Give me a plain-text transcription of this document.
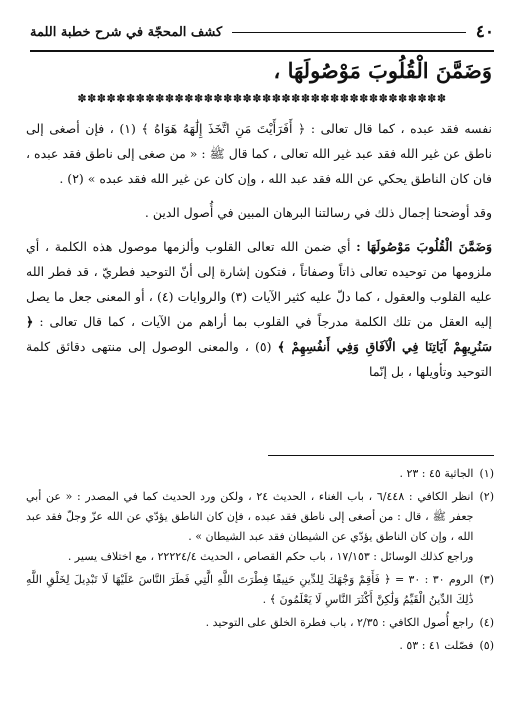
٤٠
كشف المحجّة في شرح خطبة اللمة
وَضَمَّنَ الْقُلُوبَ مَوْصُولَهَا ،
✽✽✽✽✽✽✽✽✽✽✽✽✽✽✽✽✽✽✽✽✽✽✽✽✽✽✽✽✽✽✽✽✽✽✽✽✽✽

نفسه فقد عبده ، كما قال تعالى : ﴿ أَفَرَأَيْتَ مَنِ اتَّخَذَ إِلَٰهَهُ هَوَاهُ ﴾ (١) ، فإن أصغى إلى ناطق عن غير الله فقد عبد غير الله تعالى ، كما قال ﷺ : « من صغى إلى ناطق فقد عبده ، فان كان الناطق يحكي عن الله فقد عبد الله ، وإن كان عن غير الله فقد عبده » (٢) .

وقد أوضحنا إجمال ذلك في رسالتنا البرهان المبين في أُصول الدين .

وَضَمَّنَ الْقُلُوبَ مَوْصُولَهَا : أي ضمن الله تعالى القلوب وألزمها موصول هذه الكلمة ، أي ملزومها من توحيده تعالى ذاتاً وصفاتاً ، فتكون إشارة إلى أنّ التوحيد فطريّ ، قد فطر الله عليه القلوب والعقول ، كما دلّ عليه كثير الآيات (٣) والروايات (٤) ، أو المعنى جعل ما يصل إليه العقل من تلك الكلمة مدرجاً في القلوب بما أراهم من الآيات ، كما قال تعالى : ﴿ سَنُرِيهِمْ آيَاتِنَا فِي الْآفَاقِ وَفِي أَنفُسِهِمْ ﴾ (٥) ، والمعنى الوصول إلى منتهى دقائق كلمة التوحيد وتأويلها ، بل إنّما

(١)

الجاثية ٤٥ : ٢٣ .

(٢)

انظر الكافي : ٦/٤٤٨ ، باب الغناء ، الحديث ٢٤ ، ولكن ورد الحديث كما في المصدر : « عن أبي جعفر ﷺ ، قال : من أصغى إلى ناطق فقد عبده ، فإن كان الناطق يؤدّي عن الله عزّ وجلّ فقد عبد الله ، وإن كان الناطق يؤدّي عن الشيطان فقد عبد الشيطان » .

وراجع كذلك الوسائل : ١٧/١٥٣ ، باب حكم القصاص ، الحديث ٢٢٢٢٤/٤ ، مع اختلاف يسير .

(٣)

الروم ٣٠ : ٣٠ = ﴿ فَأَقِمْ وَجْهَكَ لِلدِّينِ حَنِيفًا فِطْرَتَ اللَّهِ الَّتِي فَطَرَ النَّاسَ عَلَيْهَا لَا تَبْدِيلَ لِخَلْقِ اللَّهِ ذَٰلِكَ الدِّينُ الْقَيِّمُ وَلَٰكِنَّ أَكْثَرَ النَّاسِ لَا يَعْلَمُونَ ﴾ .

(٤)

راجع أُصول الكافي : ٢/٣٥ ، باب فطرة الخلق على التوحيد .

(٥)

فصّلت ٤١ : ٥٣ .
